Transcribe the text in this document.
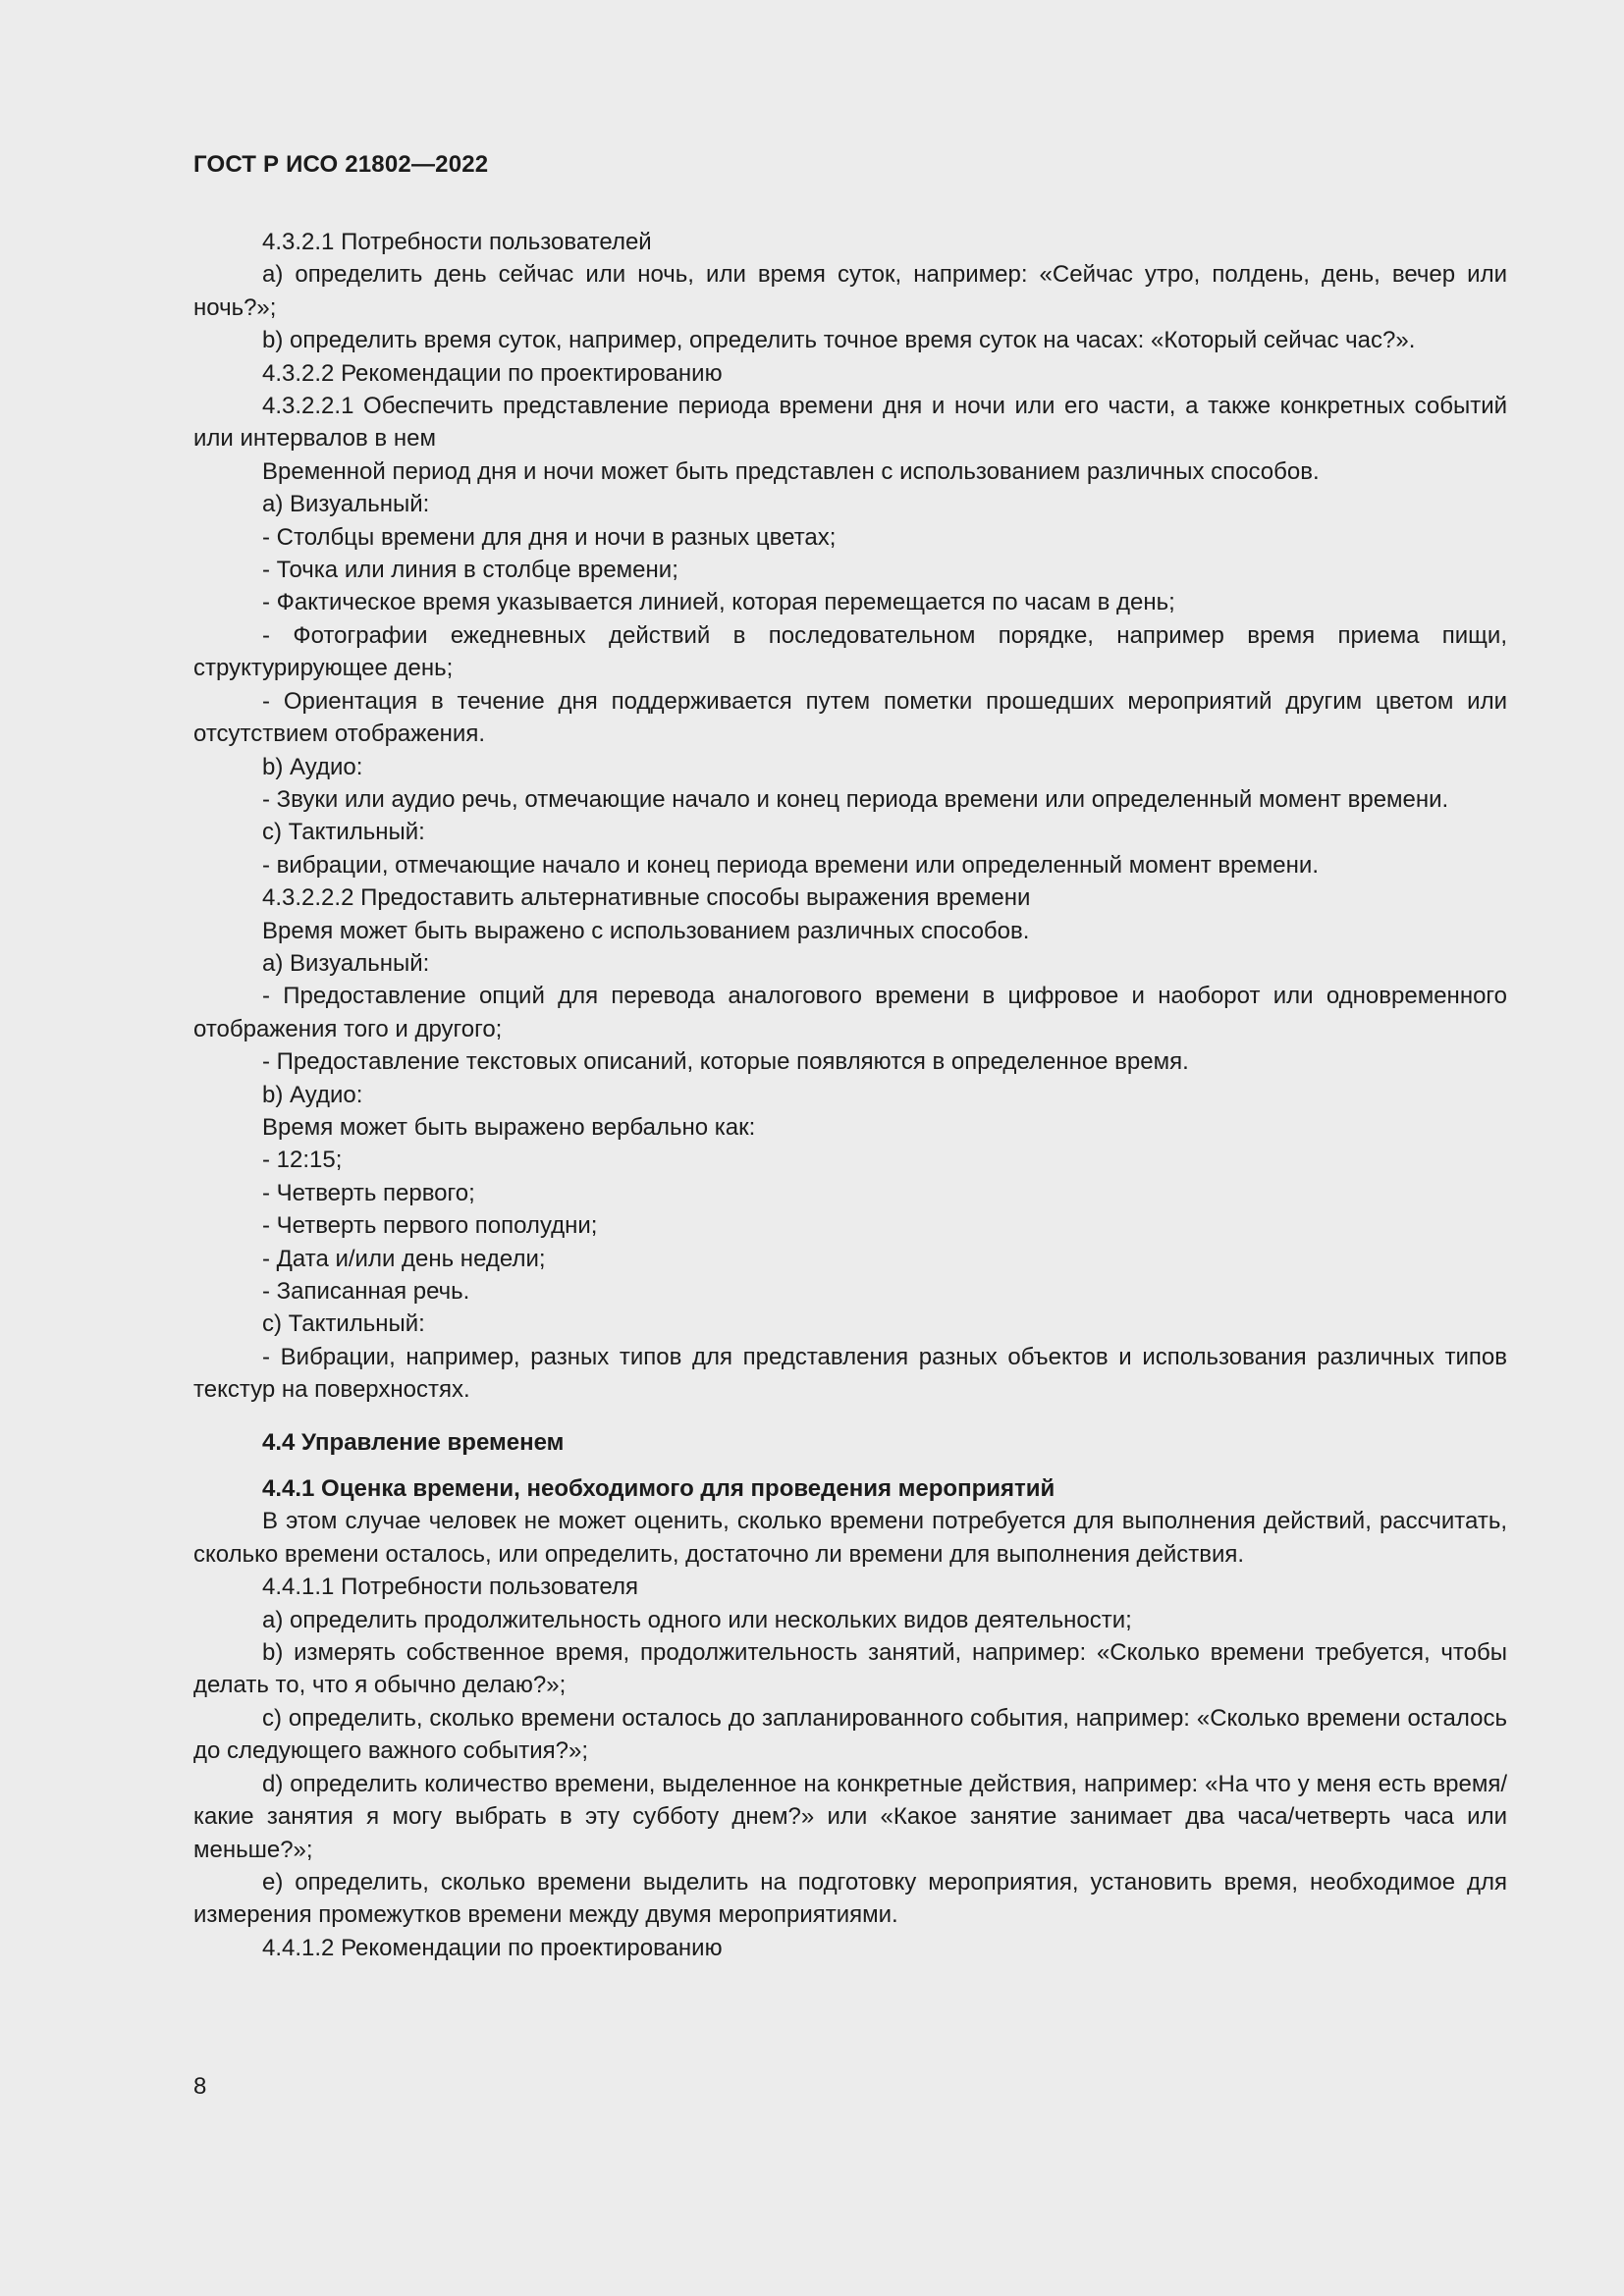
ГОСТ Р ИСО 21802—2022

4.3.2.1 Потребности пользователей

a) определить день сейчас или ночь, или время суток, например: «Сейчас утро, полдень, день, вечер или ночь?»;

b) определить время суток, например, определить точное время суток на часах: «Который сейчас час?».

4.3.2.2 Рекомендации по проектированию

4.3.2.2.1 Обеспечить представление периода времени дня и ночи или его части, а также конкретных событий или интервалов в нем

Временной период дня и ночи может быть представлен с использованием различных способов.

a) Визуальный:

- Столбцы времени для дня и ночи в разных цветах;

- Точка или линия в столбце времени;

- Фактическое время указывается линией, которая перемещается по часам в день;

- Фотографии ежедневных действий в последовательном порядке, например время приема пищи, структурирующее день;

- Ориентация в течение дня поддерживается путем пометки прошедших мероприятий другим цветом или отсутствием отображения.

b) Аудио:

- Звуки или аудио речь, отмечающие начало и конец периода времени или определенный момент времени.

c) Тактильный:

- вибрации, отмечающие начало и конец периода времени или определенный момент времени.

4.3.2.2.2 Предоставить альтернативные способы выражения времени

Время может быть выражено с использованием различных способов.

a) Визуальный:

- Предоставление опций для перевода аналогового времени в цифровое и наоборот или одновременного отображения того и другого;

- Предоставление текстовых описаний, которые появляются в определенное время.

b) Аудио:

Время может быть выражено вербально как:

- 12:15;

- Четверть первого;

- Четверть первого пополудни;

- Дата и/или день недели;

- Записанная речь.

c) Тактильный:

- Вибрации, например, разных типов для представления разных объектов и использования различных типов текстур на поверхностях.

4.4 Управление временем

4.4.1 Оценка времени, необходимого для проведения мероприятий

В этом случае человек не может оценить, сколько времени потребуется для выполнения действий, рассчитать, сколько времени осталось, или определить, достаточно ли времени для выполнения действия.

4.4.1.1 Потребности пользователя

a) определить продолжительность одного или нескольких видов деятельности;

b) измерять собственное время, продолжительность занятий, например: «Сколько времени требуется, чтобы делать то, что я обычно делаю?»;

c) определить, сколько времени осталось до запланированного события, например: «Сколько времени осталось до следующего важного события?»;

d) определить количество времени, выделенное на конкретные действия, например: «На что у меня есть время/какие занятия я могу выбрать в эту субботу днем?» или «Какое занятие занимает два часа/четверть часа или меньше?»;

e) определить, сколько времени выделить на подготовку мероприятия, установить время, необходимое для измерения промежутков времени между двумя мероприятиями.

4.4.1.2 Рекомендации по проектированию

8
